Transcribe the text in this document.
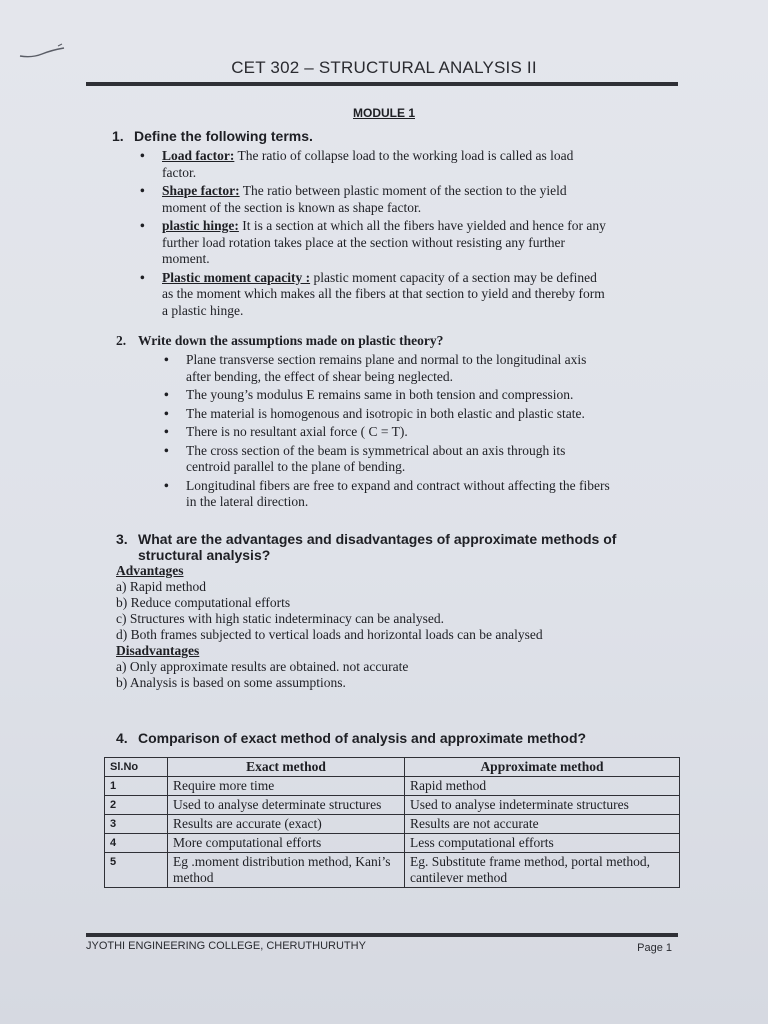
CET 302 – STRUCTURAL ANALYSIS II
MODULE 1
1. Define the following terms.
• Load factor: The ratio of collapse load to the working load is called as load
factor.
• Shape factor: The ratio between plastic moment of the section to the yield
moment of the section is known as shape factor.
• plastic hinge: It is a section at which all the fibers have yielded and hence for any
further load rotation takes place at the section without resisting any further
moment.
• Plastic moment capacity : plastic moment capacity of a section may be defined
as the moment which makes all the fibers at that section to yield and thereby form
a plastic hinge.
2. Write down the assumptions made on plastic theory?
• Plane transverse section remains plane and normal to the longitudinal axis
after bending, the effect of shear being neglected.
• The young’s modulus E remains same in both tension and compression.
• The material is homogenous and isotropic in both elastic and plastic state.
• There is no resultant axial force ( C = T).
• The cross section of the beam is symmetrical about an axis through its
centroid parallel to the plane of bending.
• Longitudinal fibers are free to expand and contract without affecting the fibers
in the lateral direction.
3. What are the advantages and disadvantages of approximate methods of
structural analysis?
Advantages
a) Rapid method
b) Reduce computational efforts
c) Structures with high static indeterminacy can be analysed.
d) Both frames subjected to vertical loads and horizontal loads can be analysed
Disadvantages
a) Only approximate results are obtained. not accurate
b) Analysis is based on some assumptions.
4. Comparison of exact method of analysis and approximate method?
Sl.No	Exact method	Approximate method
1	Require more time	Rapid method
2	Used to analyse determinate structures	Used to analyse indeterminate structures
3	Results are accurate (exact)	Results are not accurate
4	More computational efforts	Less computational efforts
5	Eg .moment distribution method, Kani’s method	Eg. Substitute frame method, portal method, cantilever method
JYOTHI ENGINEERING COLLEGE, CHERUTHURUTHY	Page 1
